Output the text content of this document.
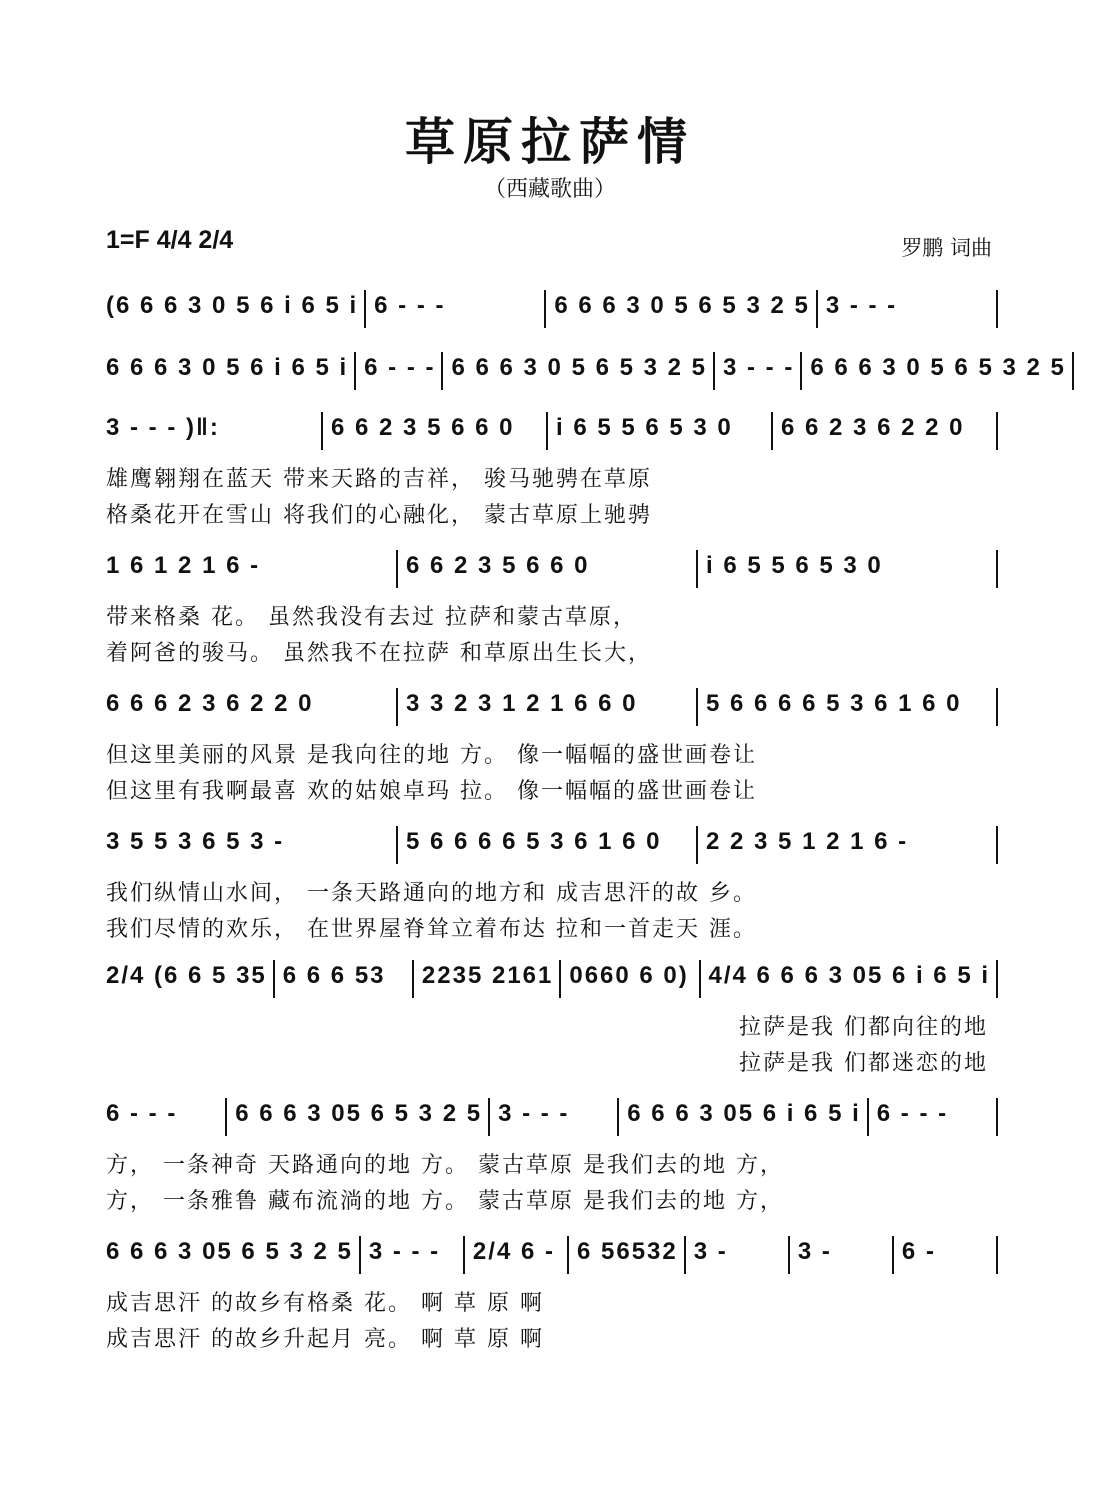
草原拉萨情
（西藏歌曲）
1=F 4/4 2/4	罗鹏 词曲
(6 6 6 3 0 5 6 i 6 5 i 6 - - -	6 6 6 3 0 5 6 5 3 2 5 3 - - -
6 6 6 3 0 5 6 i 6 5 i 6 - - - 6 6 6 3 0 5 6 5 3 2 5 3 - - - 6 6 6 3 0 5 6 5 3 2 5
3 - - - )‖:	6 6 2 3 5 6 6 0	i 6 5 5 6 5 3 0	6 6 2 3 6 2 2 0
雄鹰翱翔在蓝天 带来天路的吉祥， 骏马驰骋在草原
格桑花开在雪山 将我们的心融化， 蒙古草原上驰骋
1 6 1 2 1 6 -	6 6 2 3 5 6 6 0	i 6 5 5 6 5 3 0
带来格桑 花。 虽然我没有去过 拉萨和蒙古草原，
着阿爸的骏马。 虽然我不在拉萨 和草原出生长大，
6 6 6 2 3 6 2 2 0	3 3 2 3 1 2 1 6 6 0	5 6 6 6 6 5 3 6 1 6 0
但这里美丽的风景 是我向往的地 方。 像一幅幅的盛世画卷让
但这里有我啊最喜 欢的姑娘卓玛 拉。 像一幅幅的盛世画卷让
3 5 5 3 6 5 3 -	5 6 6 6 6 5 3 6 1 6 0	2 2 3 5 1 2 1 6 -
我们纵情山水间， 一条天路通向的地方和 成吉思汗的故 乡。
我们尽情的欢乐， 在世界屋脊耸立着布达 拉和一首走天 涯。
2/4 (6 6 5 35 6 6 6 53	2235 2161 0660 6 0) 4/4 6 6 6 3 05 6 i 6 5 i
拉萨是我 们都向往的地
拉萨是我 们都迷恋的地
6 - - -	6 6 6 3 05 6 5 3 2 5 3 - - -	6 6 6 3 05 6 i 6 5 i 6 - - -
方， 一条神奇 天路通向的地 方。 蒙古草原 是我们去的地 方，
方， 一条雅鲁 藏布流淌的地 方。 蒙古草原 是我们去的地 方，
6 6 6 3 05 6 5 3 2 5 3 - - -	2/4 6 - 6 56532 3 -	3 -	6 -
成吉思汗 的故乡有格桑 花。 啊 草 原 啊
成吉思汗 的故乡升起月 亮。 啊 草 原 啊
